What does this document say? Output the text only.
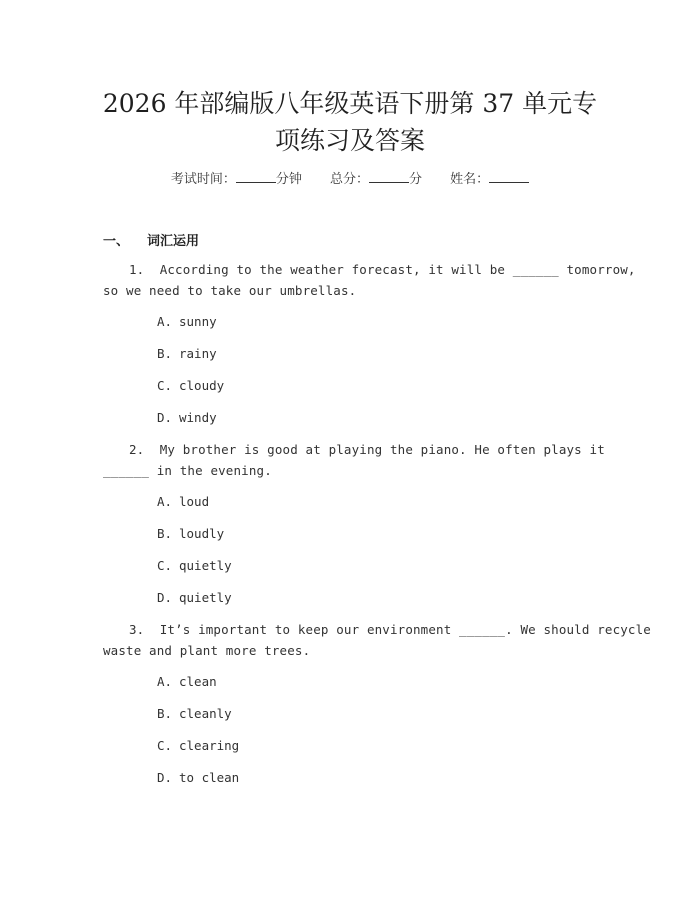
2026 年部编版八年级英语下册第 37 单元专
项练习及答案
考试时间：	分钟 总分：	分 姓名：
一、 词汇运用
1.  According to the weather forecast, it will be ______ tomorrow,
so we need to take our umbrellas.
A. sunny
B. rainy
C. cloudy
D. windy
2.  My brother is good at playing the piano. He often plays it
______ in the evening.
A. loud
B. loudly
C. quietly
D. quietly
3.  It’s important to keep our environment ______. We should recycle
waste and plant more trees.
A. clean
B. cleanly
C. clearing
D. to clean
